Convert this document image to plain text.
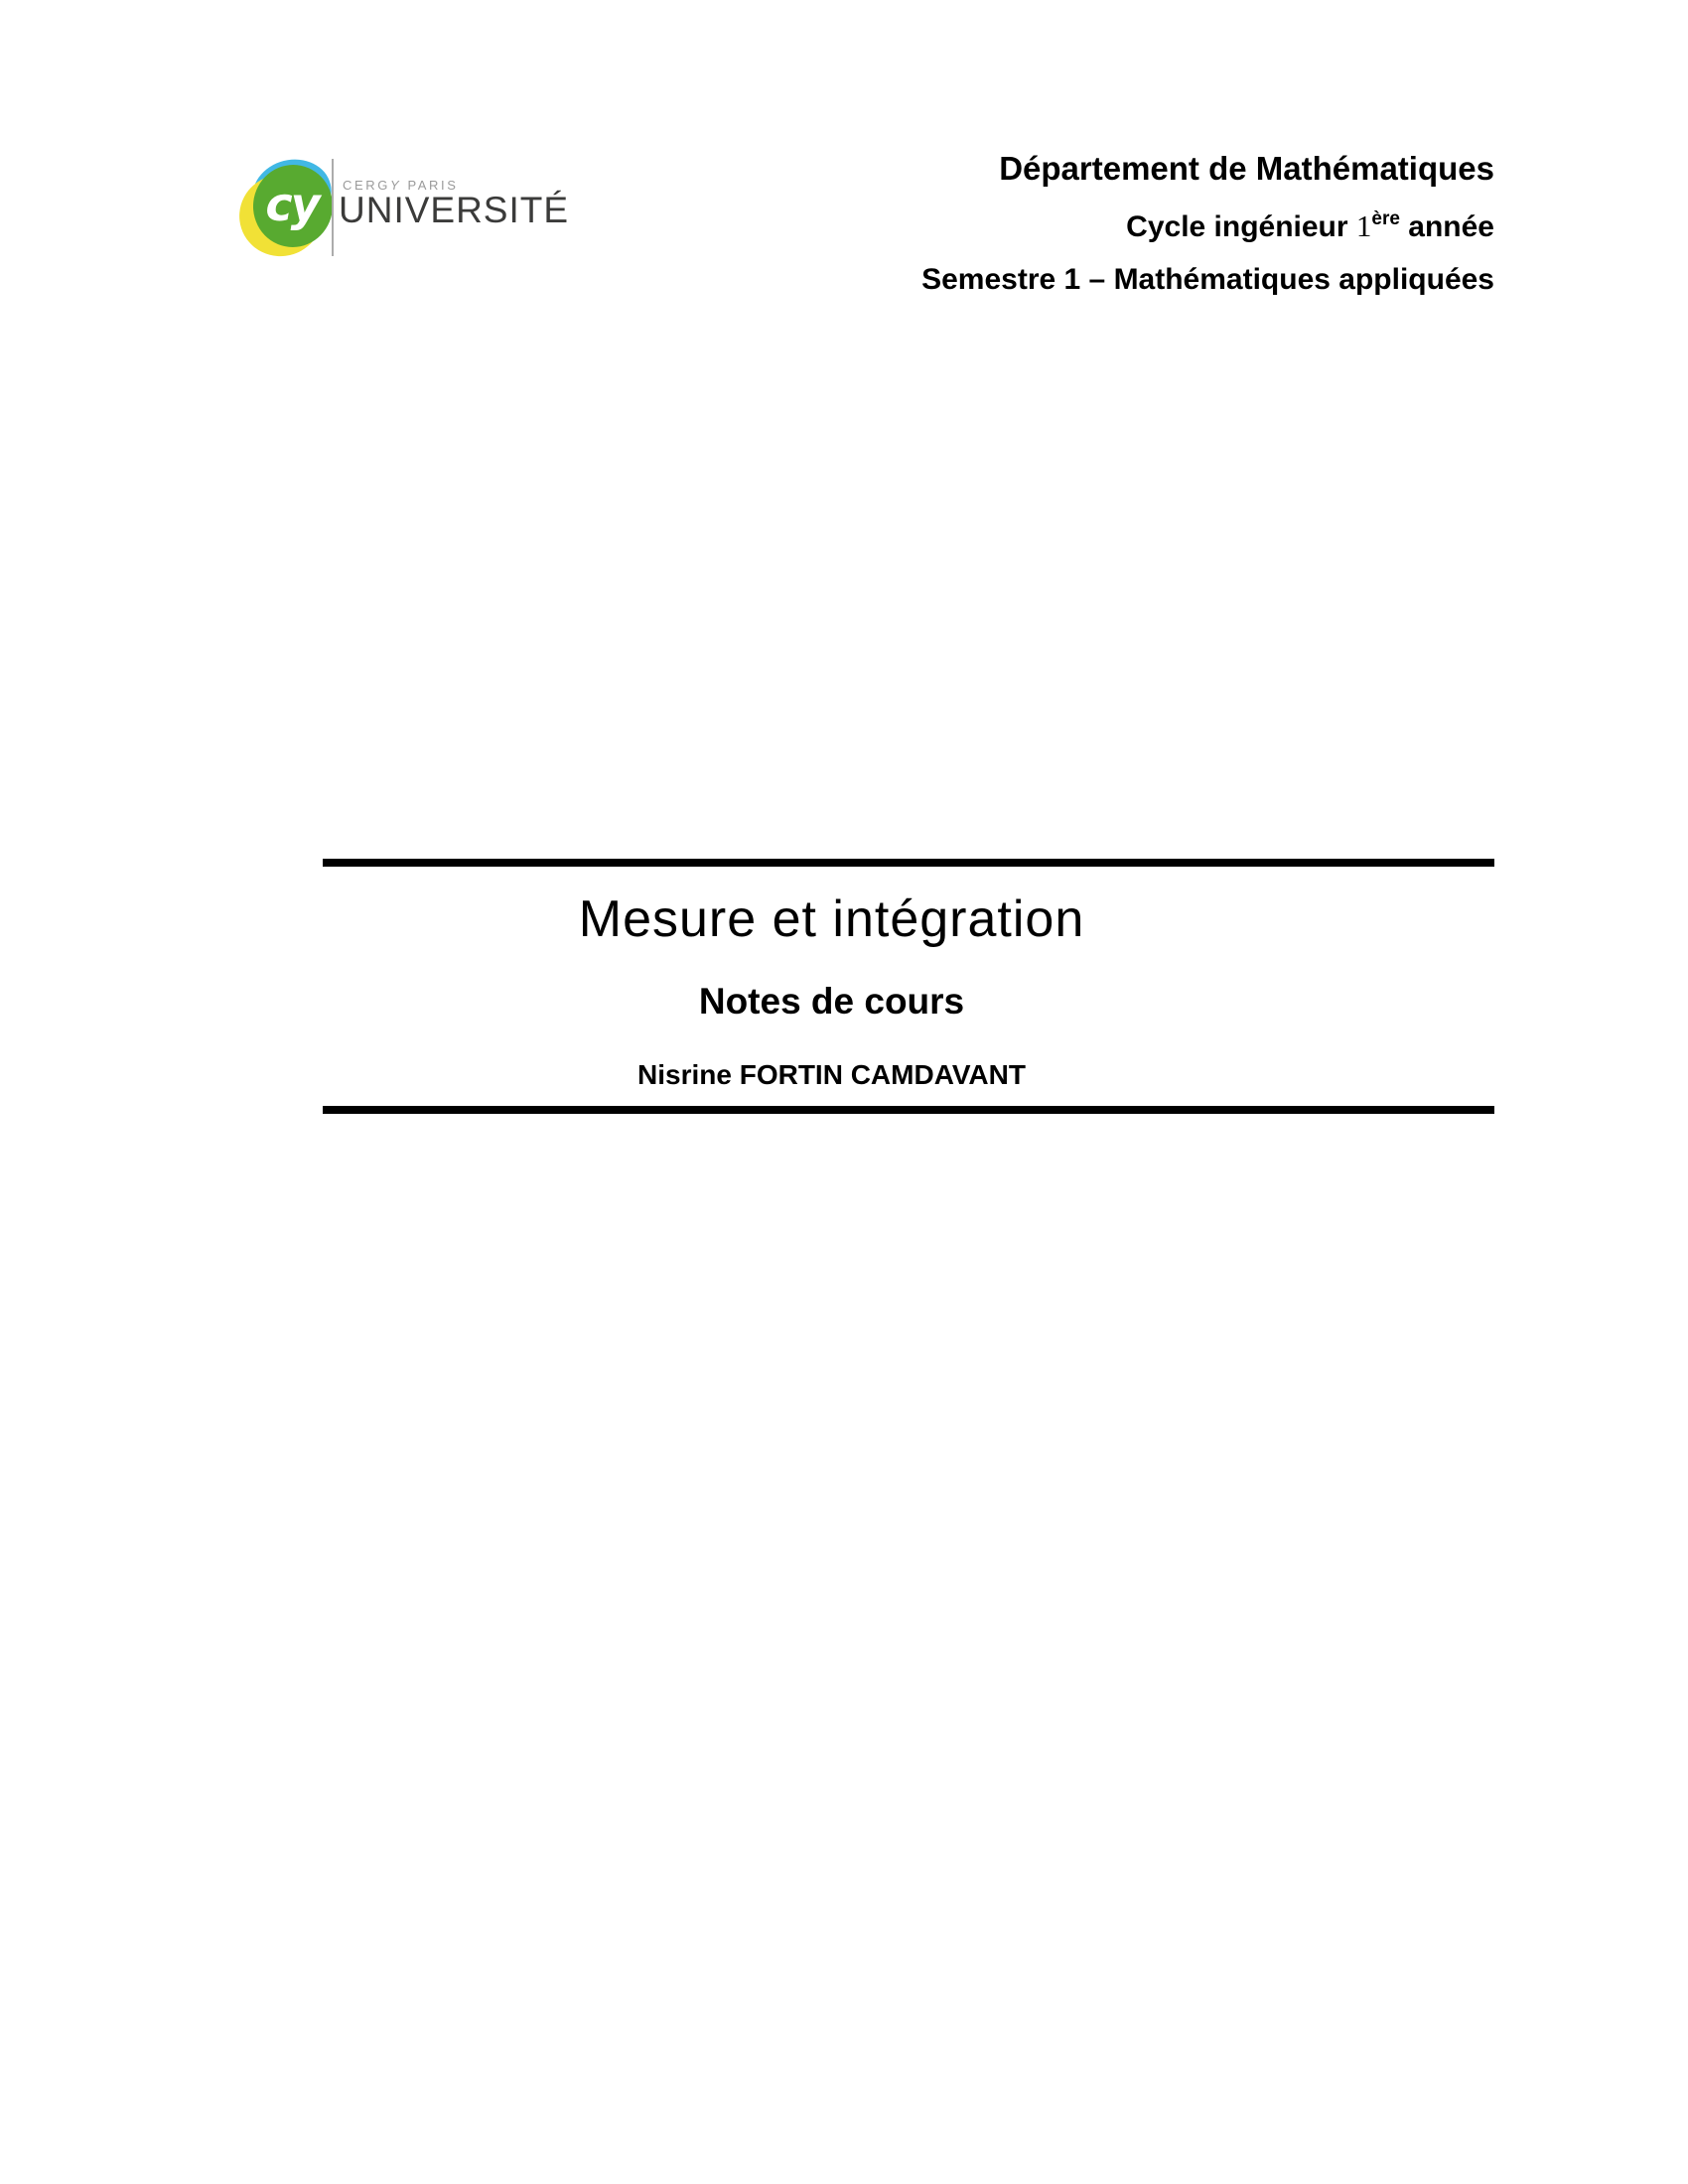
cy	CERGY PARIS
UNIVERSITÉ
Département de Mathématiques
Cycle ingénieur 1ère année
Semestre 1 – Mathématiques appliquées
Mesure et intégration
Notes de cours
Nisrine FORTIN CAMDAVANT
